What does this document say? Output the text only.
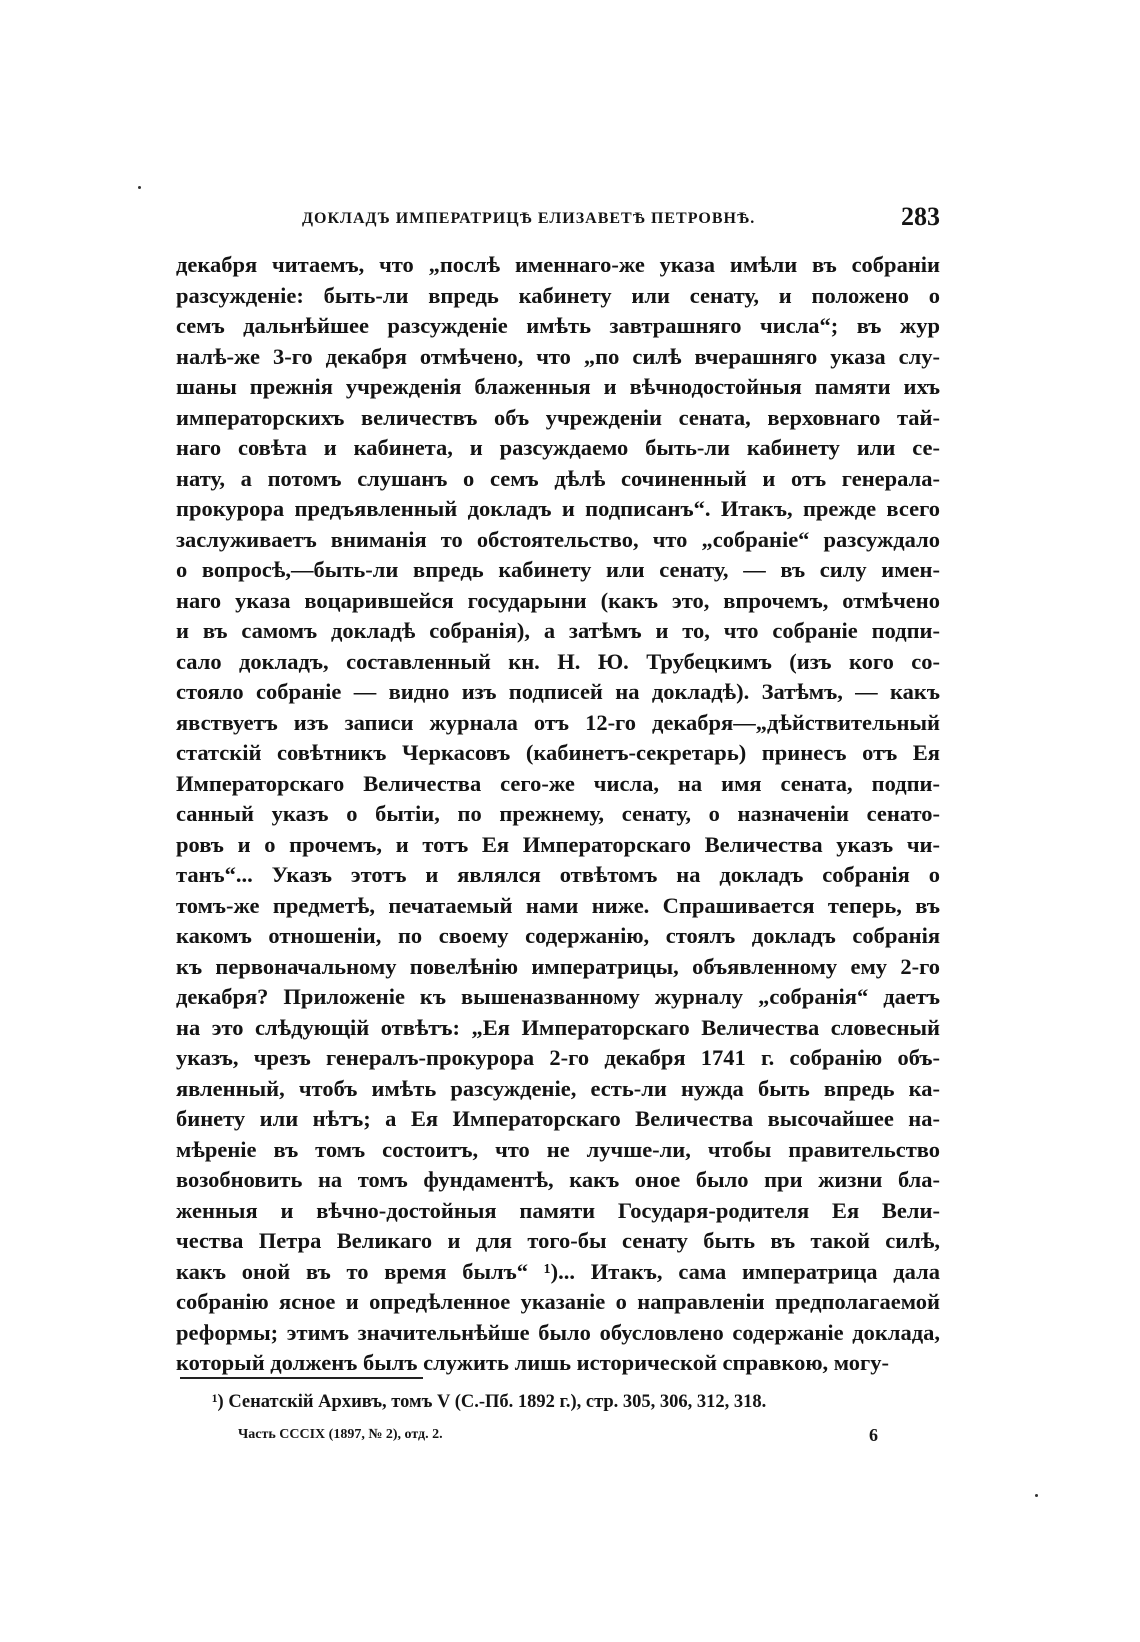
ДОКЛАДЪ ИМПЕРАТРИЦѢ ЕЛИЗАВЕТѢ ПЕТРОВНѢ.	283
декабря читаемъ, что „послѣ именнаго-же указа имѣли въ собраніи
разсужденіе: быть-ли впредь кабинету или сенату, и положено о
семъ дальнѣйшее разсужденіе имѣть завтрашняго числа“; въ жур
налѣ-же 3-го декабря отмѣчено, что „по силѣ вчерашняго указа слу-
шаны прежнія учрежденія блаженныя и вѣчнодостойныя памяти ихъ
императорскихъ величествъ объ учрежденіи сената, верховнаго тай-
наго совѣта и кабинета, и разсуждаемо быть-ли кабинету или се-
нату, а потомъ слушанъ о семъ дѣлѣ сочиненный и отъ генерала-
прокурора предъявленный докладъ и подписанъ“. Итакъ, прежде всего
заслуживаетъ вниманія то обстоятельство, что „собраніе“ разсуждало
о вопросѣ,—быть-ли впредь кабинету или сенату, — въ силу имен-
наго указа воцарившейся государыни (какъ это, впрочемъ, отмѣчено
и въ самомъ докладѣ собранія), а затѣмъ и то, что собраніе подпи-
сало докладъ, составленный кн. Н. Ю. Трубецкимъ (изъ кого со-
стояло собраніе — видно изъ подписей на докладѣ). Затѣмъ, — какъ
явствуетъ изъ записи журнала отъ 12-го декабря—„дѣйствительный
статскій совѣтникъ Черкасовъ (кабинетъ-секретарь) принесъ отъ Ея
Императорскаго Величества сего-же числа, на имя сената, подпи-
санный указъ о бытіи, по прежнему, сенату, о назначеніи сенато-
ровъ и о прочемъ, и тотъ Ея Императорскаго Величества указъ чи-
танъ“... Указъ этотъ и являлся отвѣтомъ на докладъ собранія о
томъ-же предметѣ, печатаемый нами ниже. Спрашивается теперь, въ
какомъ отношеніи, по своему содержанію, стоялъ докладъ собранія
къ первоначальному повелѣнію императрицы, объявленному ему 2-го
декабря? Приложеніе къ вышеназванному журналу „собранія“ даетъ
на это слѣдующій отвѣтъ: „Ея Императорскаго Величества словесный
указъ, чрезъ генералъ-прокурора 2-го декабря 1741 г. собранію объ-
явленный, чтобъ имѣть разсужденіе, есть-ли нужда быть впредь ка-
бинету или нѣтъ; а Ея Императорскаго Величества высочайшее на-
мѣреніе въ томъ состоитъ, что не лучше-ли, чтобы правительство
возобновить на томъ фундаментѣ, какъ оное было при жизни бла-
женныя и вѣчно-достойныя памяти Государя-родителя Ея Вели-
чества Петра Великаго и для того-бы сенату быть въ такой силѣ,
какъ оной въ то время былъ“ ¹)... Итакъ, сама императрица дала
собранію ясное и опредѣленное указаніе о направленіи предполагаемой
реформы; этимъ значительнѣйше было обусловлено содержаніе доклада,
который долженъ былъ служить лишь исторической справкою, могу-
¹) Сенатскій Архивъ, томъ V (С.-Пб. 1892 г.), стр. 305, 306, 312, 318.
Часть СССІХ (1897, № 2), отд. 2.	6
